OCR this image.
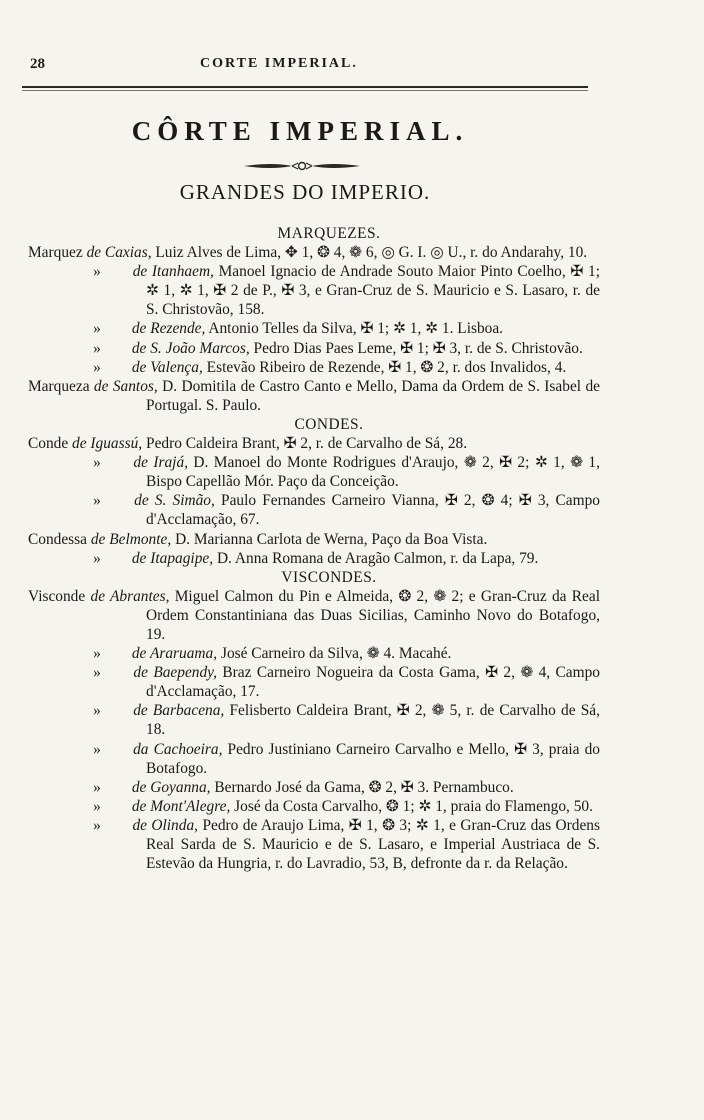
28	CORTE IMPERIAL.
CÔRTE IMPERIAL.
GRANDES DO IMPERIO.

MARQUEZES.

Marquez de Caxias, Luiz Alves de Lima, ✥ 1, ❂ 4, ❁ 6, ◎ G. I. ◎ U., r. do Andarahy, 10.

» de Itanhaem, Manoel Ignacio de Andrade Souto Maior Pinto Coelho, ✠ 1; ✲ 1, ✲ 1, ✠ 2 de P., ✠ 3, e Gran-Cruz de S. Mauricio e S. Lasaro, r. de S. Christovão, 158.

» de Rezende, Antonio Telles da Silva, ✠ 1; ✲ 1, ✲ 1. Lisboa.

» de S. João Marcos, Pedro Dias Paes Leme, ✠ 1; ✠ 3, r. de S. Christovão.

» de Valença, Estevão Ribeiro de Rezende, ✠ 1, ❂ 2, r. dos Invalidos, 4.

Marqueza de Santos, D. Domitila de Castro Canto e Mello, Dama da Ordem de S. Isabel de Portugal. S. Paulo.

CONDES.

Conde de Iguassú, Pedro Caldeira Brant, ✠ 2, r. de Carvalho de Sá, 28.

» de Irajá, D. Manoel do Monte Rodrigues d'Araujo, ❁ 2, ✠ 2; ✲ 1, ❁ 1, Bispo Capellão Mór. Paço da Conceição.

» de S. Simão, Paulo Fernandes Carneiro Vianna, ✠ 2, ❂ 4; ✠ 3, Campo d'Acclamação, 67.

Condessa de Belmonte, D. Marianna Carlota de Werna, Paço da Boa Vista.

» de Itapagipe, D. Anna Romana de Aragão Calmon, r. da Lapa, 79.

VISCONDES.

Visconde de Abrantes, Miguel Calmon du Pin e Almeida, ❂ 2, ❁ 2; e Gran-Cruz da Real Ordem Constantiniana das Duas Sicilias, Caminho Novo do Botafogo, 19.

» de Araruama, José Carneiro da Silva, ❁ 4. Macahé.

» de Baependy, Braz Carneiro Nogueira da Costa Gama, ✠ 2, ❁ 4, Campo d'Acclamação, 17.

» de Barbacena, Felisberto Caldeira Brant, ✠ 2, ❁ 5, r. de Carvalho de Sá, 18.

» da Cachoeira, Pedro Justiniano Carneiro Carvalho e Mello, ✠ 3, praia do Botafogo.

» de Goyanna, Bernardo José da Gama, ❂ 2, ✠ 3. Pernambuco.

» de Mont'Alegre, José da Costa Carvalho, ❂ 1; ✲ 1, praia do Flamengo, 50.

» de Olinda, Pedro de Araujo Lima, ✠ 1, ❂ 3; ✲ 1, e Gran-Cruz das Ordens Real Sarda de S. Mauricio e de S. Lasaro, e Imperial Austriaca de S. Estevão da Hungria, r. do Lavradio, 53, B, defronte da r. da Relação.
